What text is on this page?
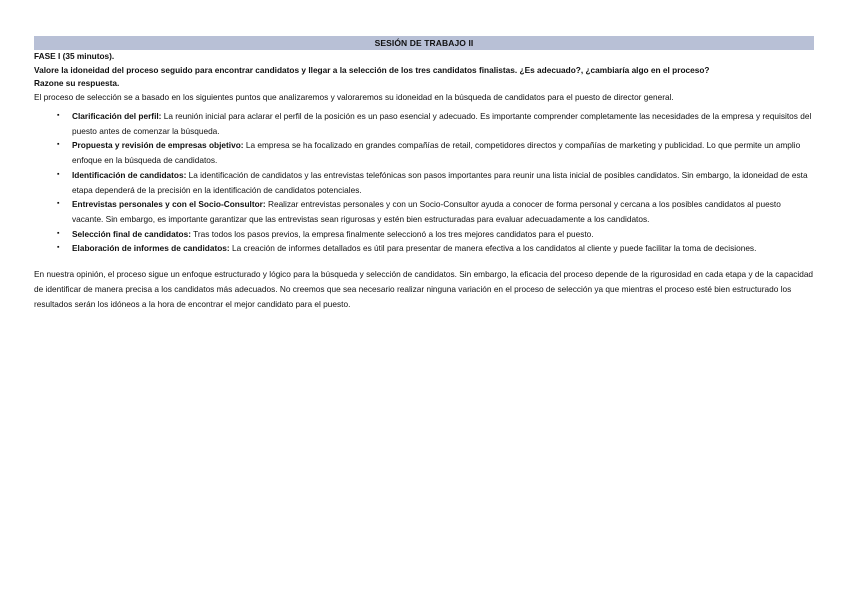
SESIÓN DE TRABAJO II
FASE I (35 minutos).
Valore la idoneidad del proceso seguido para encontrar candidatos y llegar a la selección de los tres candidatos finalistas. ¿Es adecuado?, ¿cambiaría algo en el proceso?
Razone su respuesta.
El proceso de selección se a basado en los siguientes puntos que analizaremos y valoraremos su idoneidad en la búsqueda de candidatos para el puesto de director general.
▪ Clarificación del perfil: La reunión inicial para aclarar el perfil de la posición es un paso esencial y adecuado. Es importante comprender completamente las necesidades de la empresa y requisitos del puesto antes de comenzar la búsqueda.
▪ Propuesta y revisión de empresas objetivo: La empresa se ha focalizado en grandes compañías de retail, competidores directos y compañías de marketing y publicidad. Lo que permite un amplio enfoque en la búsqueda de candidatos.
▪ Identificación de candidatos: La identificación de candidatos y las entrevistas telefónicas son pasos importantes para reunir una lista inicial de posibles candidatos. Sin embargo, la idoneidad de esta etapa dependerá de la precisión en la identificación de candidatos potenciales.
▪ Entrevistas personales y con el Socio-Consultor: Realizar entrevistas personales y con un Socio-Consultor ayuda a conocer de forma personal y cercana a los posibles candidatos al puesto vacante. Sin embargo, es importante garantizar que las entrevistas sean rigurosas y estén bien estructuradas para evaluar adecuadamente a los candidatos.
▪ Selección final de candidatos: Tras todos los pasos previos, la empresa finalmente seleccionó a los tres mejores candidatos para el puesto.
▪ Elaboración de informes de candidatos: La creación de informes detallados es útil para presentar de manera efectiva a los candidatos al cliente y puede facilitar la toma de decisiones.
En nuestra opinión, el proceso sigue un enfoque estructurado y lógico para la búsqueda y selección de candidatos. Sin embargo, la eficacia del proceso depende de la rigurosidad en cada etapa y de la capacidad de identificar de manera precisa a los candidatos más adecuados. No creemos que sea necesario realizar ninguna variación en el proceso de selección ya que mientras el proceso esté bien estructurado los resultados serán los idóneos a la hora de encontrar el mejor candidato para el puesto.
